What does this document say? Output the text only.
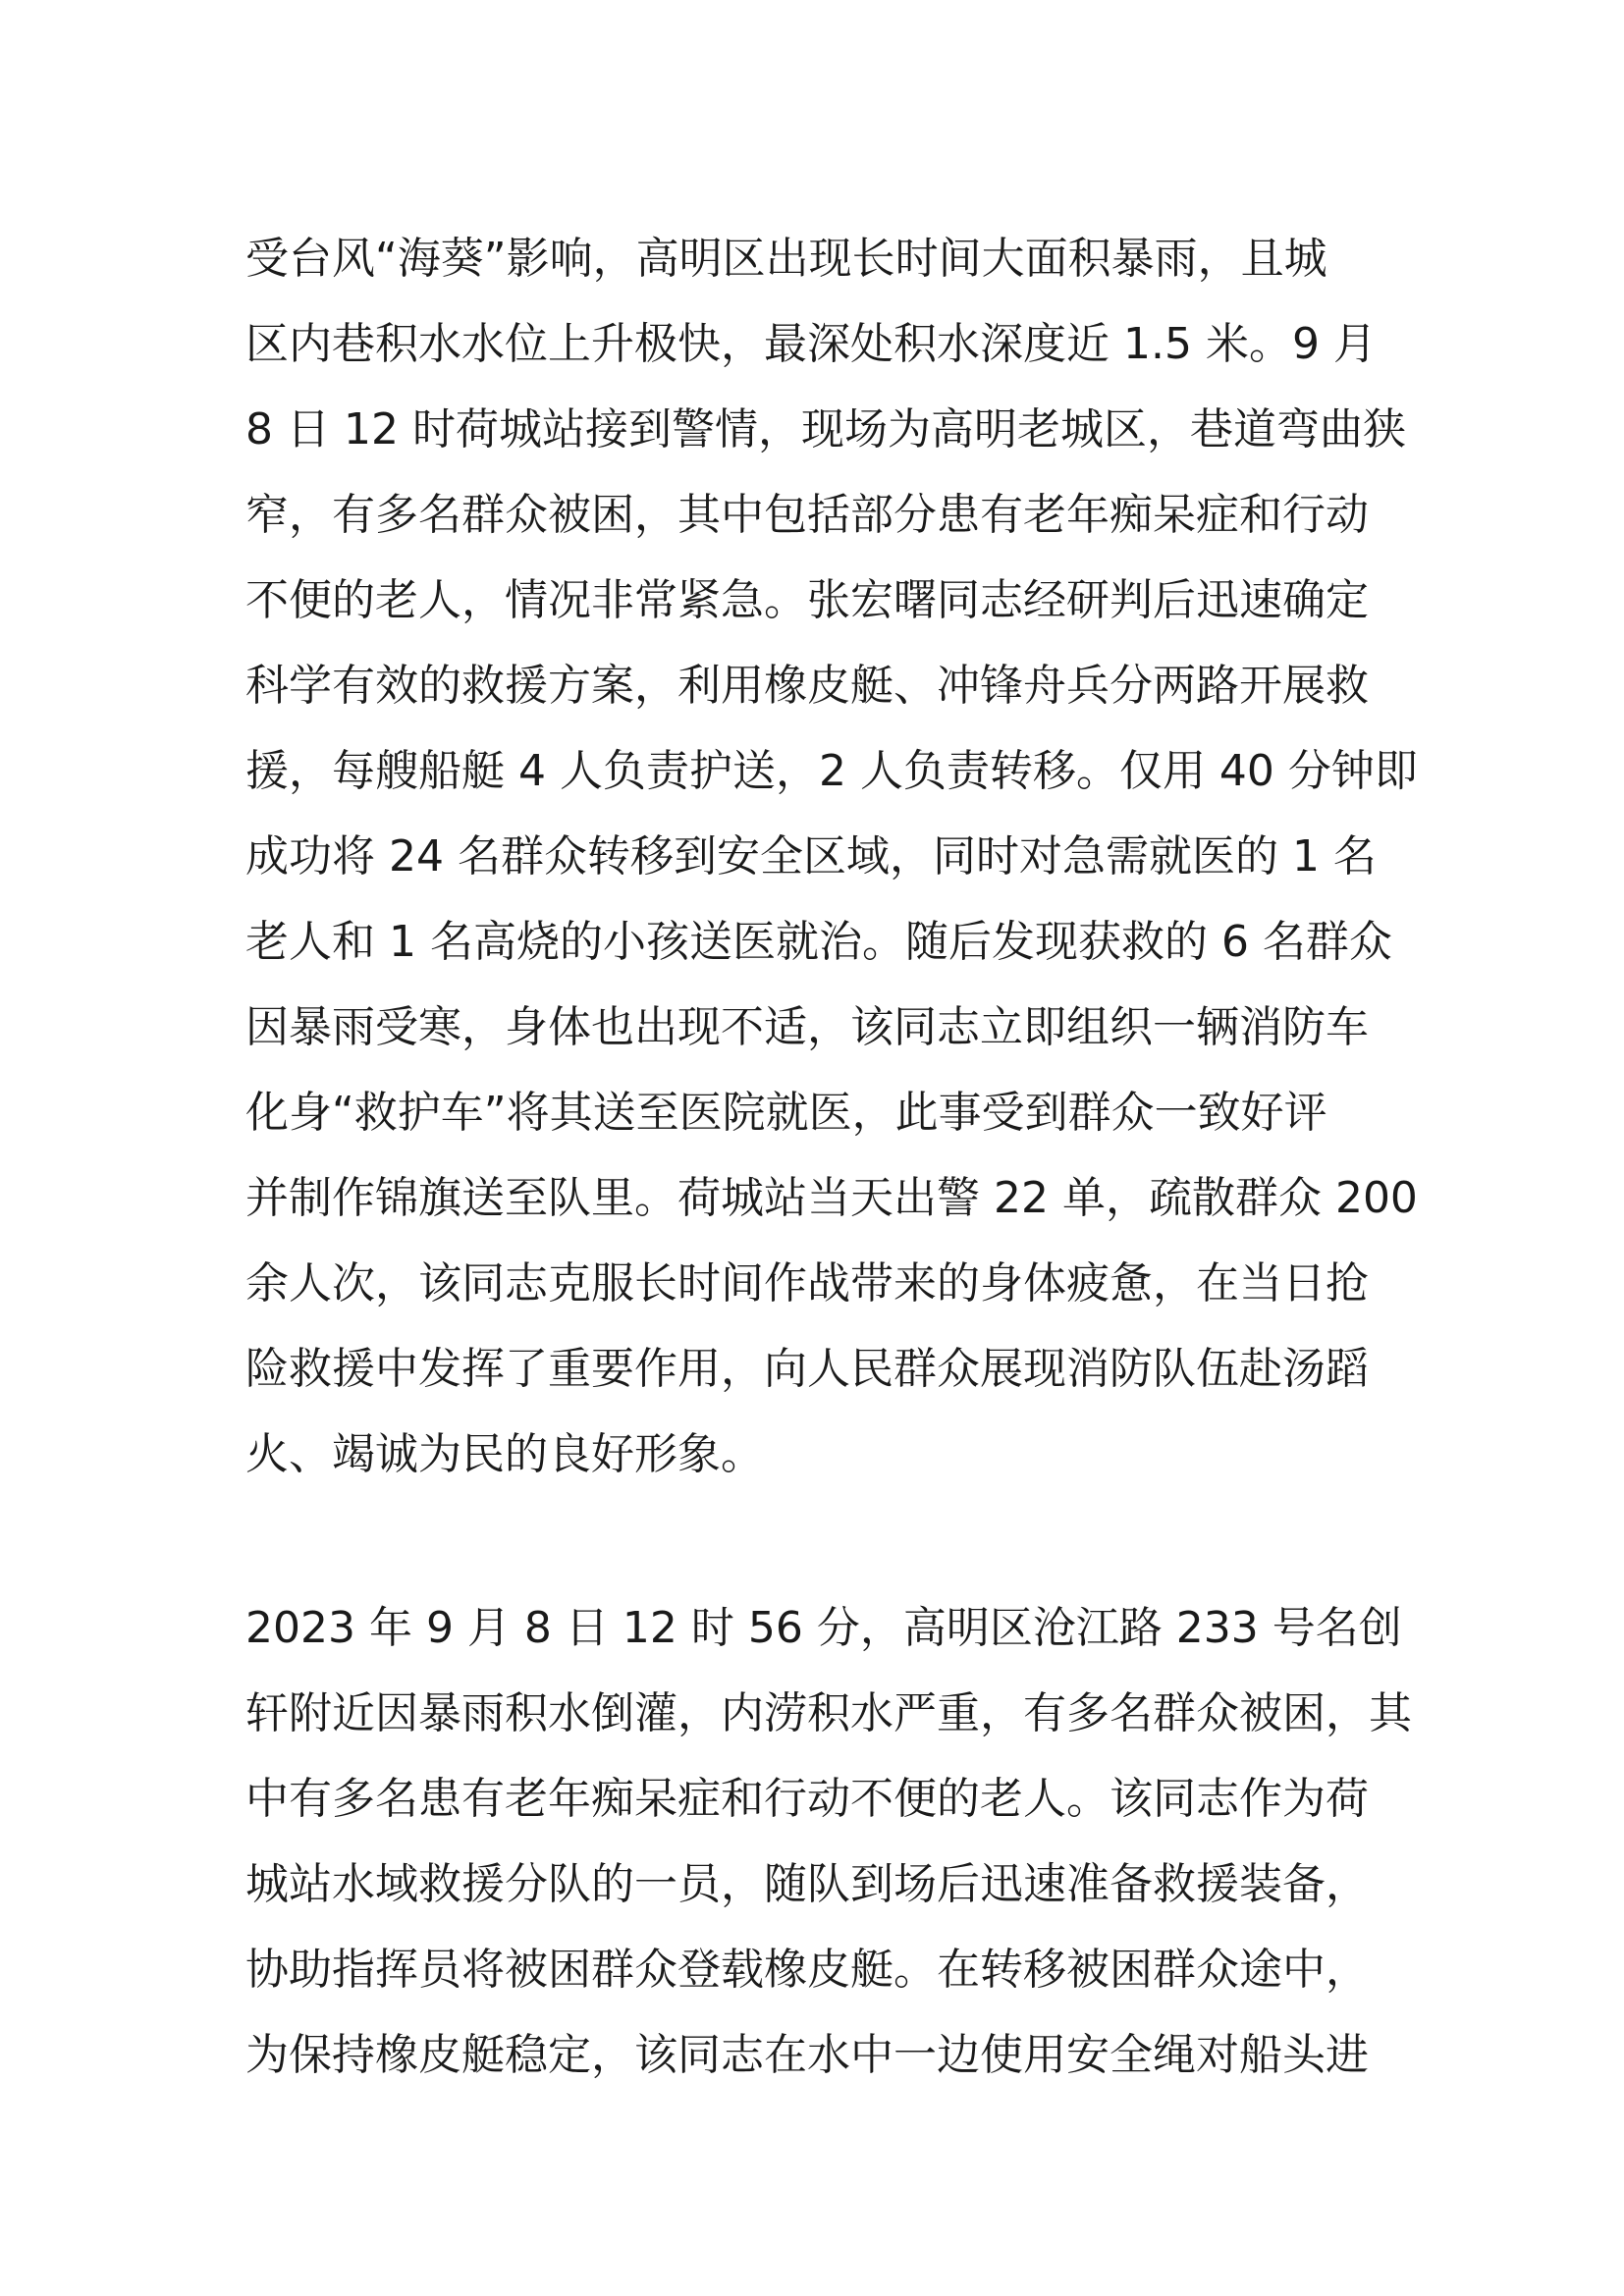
受台风“海葵”影响，高明区出现长时间大面积暴雨，且城
区内巷积水水位上升极快，最深处积水深度近 1.5 米。9 月
8 日 12 时荷城站接到警情，现场为高明老城区，巷道弯曲狭
窄，有多名群众被困，其中包括部分患有老年痴呆症和行动
不便的老人，情况非常紧急。张宏曙同志经研判后迅速确定
科学有效的救援方案，利用橡皮艇、冲锋舟兵分两路开展救
援，每艘船艇 4 人负责护送，2 人负责转移。仅用 40 分钟即
成功将 24 名群众转移到安全区域，同时对急需就医的 1 名
老人和 1 名高烧的小孩送医就治。随后发现获救的 6 名群众
因暴雨受寒，身体也出现不适，该同志立即组织一辆消防车
化身“救护车”将其送至医院就医，此事受到群众一致好评
并制作锦旗送至队里。荷城站当天出警 22 单，疏散群众 200
余人次，该同志克服长时间作战带来的身体疲惫，在当日抢
险救援中发挥了重要作用，向人民群众展现消防队伍赴汤蹈
火、竭诚为民的良好形象。
2023 年 9 月 8 日 12 时 56 分，高明区沧江路 233 号名创
轩附近因暴雨积水倒灌，内涝积水严重，有多名群众被困，其
中有多名患有老年痴呆症和行动不便的老人。该同志作为荷
城站水域救援分队的一员，随队到场后迅速准备救援装备，
协助指挥员将被困群众登载橡皮艇。在转移被困群众途中，
为保持橡皮艇稳定，该同志在水中一边使用安全绳对船头进
